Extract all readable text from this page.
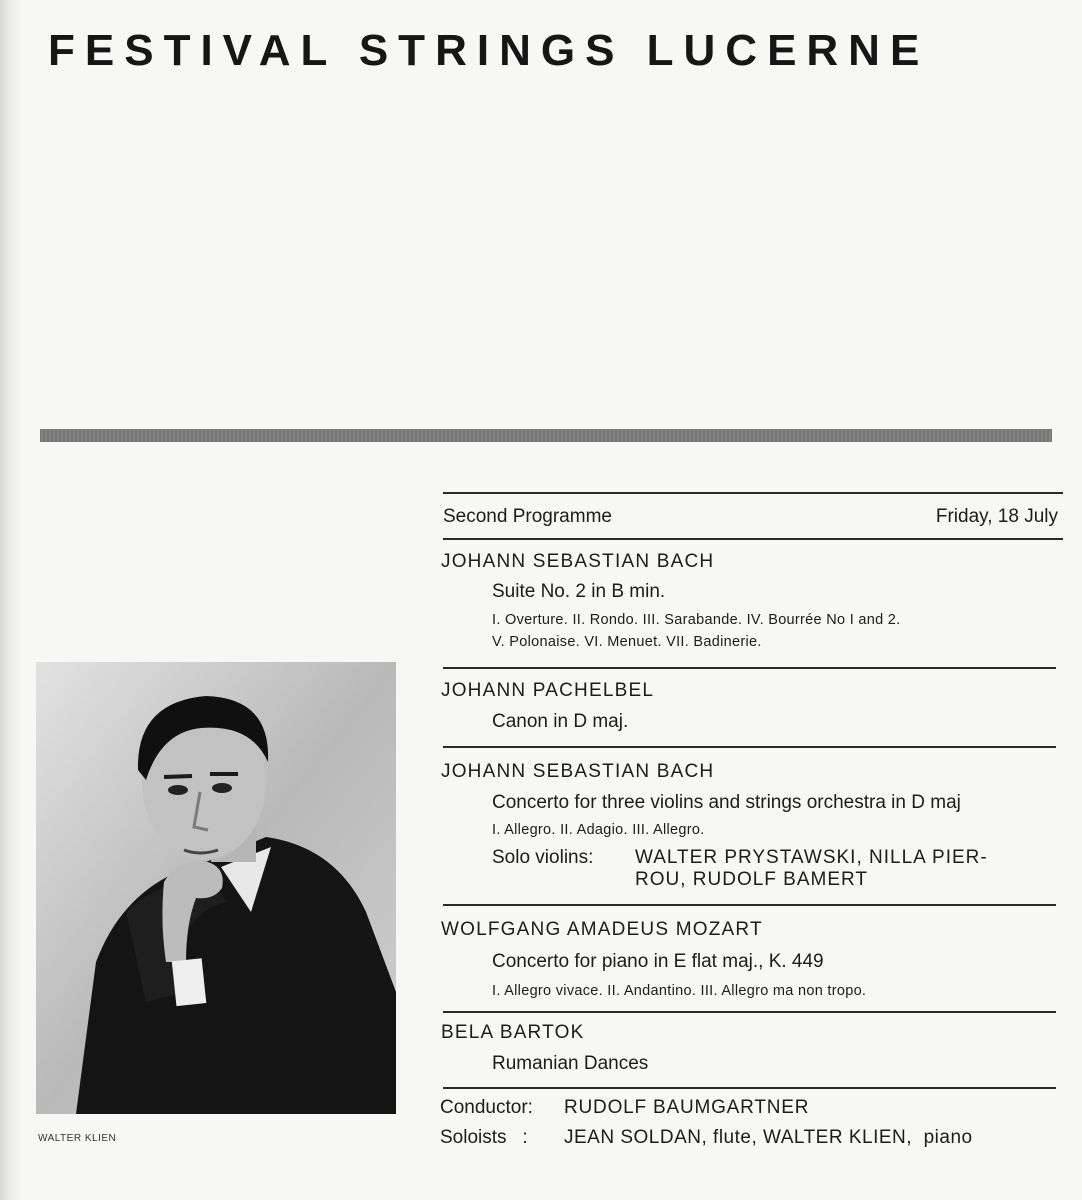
FESTIVAL STRINGS LUCERNE
WALTER KLIEN
Second Programme	Friday, 18 July
JOHANN SEBASTIAN BACH
Suite No. 2 in B min.
I. Overture. II. Rondo. III. Sarabande. IV. Bourrée No I and 2.
V. Polonaise. VI. Menuet. VII. Badinerie.
JOHANN PACHELBEL
Canon in D maj.
JOHANN SEBASTIAN BACH
Concerto for three violins and strings orchestra in D maj
I. Allegro. II. Adagio. III. Allegro.
Solo violins: WALTER PRYSTAWSKI, NILLA PIER-
ROU, RUDOLF BAMERT
WOLFGANG AMADEUS MOZART
Concerto for piano in E flat maj., K. 449
I. Allegro vivace. II. Andantino. III. Allegro ma non tropo.
BELA BARTOK
Rumanian Dances
Conductor: RUDOLF BAUMGARTNER
Soloists   : JEAN SOLDAN, flute, WALTER KLIEN,  piano
